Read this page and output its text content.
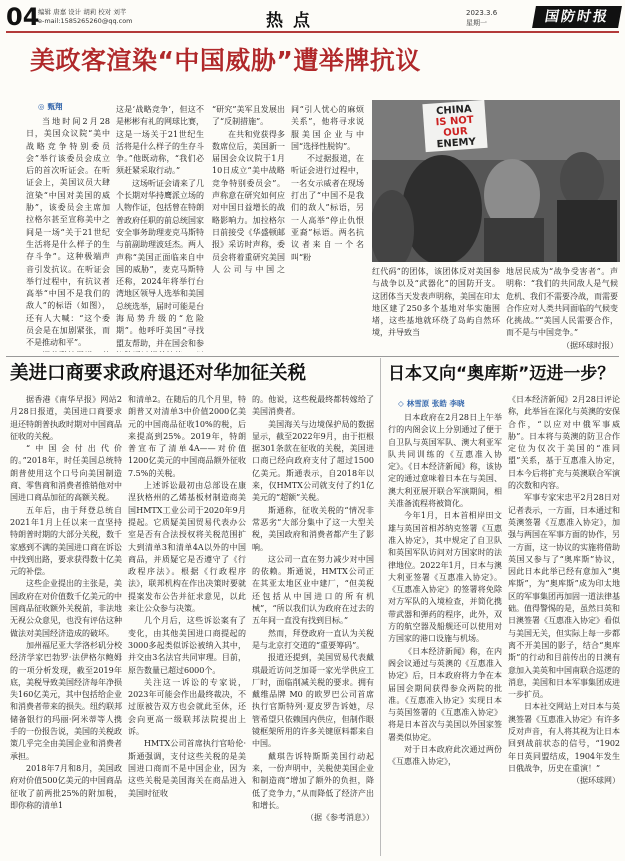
04
编辑 唐嘉 设计 胡莉 校对 刘芊
e-mail:1585265260@qq.com	热点	2023.3.6
星期一	国防时报
美政客渲染“中国威胁”遭举牌抗议
◎ 甄翔

当地时间2月28日，美国众议院“美中战略竞争特别委员会”举行该委员会成立后的首次听证会。在听证会上，美国议员大肆渲染“中国对美国的威胁”，该委员会主席加拉格尔甚至宣称美中之间是一场“关于21世纪生活将是什么样子的生存斗争”。这种极端声音引发抗议。在听证会举行过程中，有抗议者高举“中国不是我们的敌人”的标语（如图），还有人大喊：“这个委员会是在加剧紧张，而不是推动和平”。

这是‘战略竞争’，但这不是彬彬有礼的网球比赛，这是一场关于21世纪生活将是什么样子的生存斗争。”他既动称，“我们必须赶紧采取行动。”

这场听证会请来了几个长期对华持鹰派立场的人物作证，包括曾在特朗普政府任职的前总统国家安全事务助理麦克马斯特与前副助理波廷杰。两人声称“美国正面临来自中国的威胁”，麦克马斯特还称，2024年将举行台湾地区领导人选举和美国总统选举，届时可能是台海局势升级的“危险期”。他呼吁美国“寻找盟友帮助，并在国会和参

“研究”美军且发展出了“反制措施”。

在共和党获得多数席位后，美国新一届国会众议院于1月10日成立“美中战略竞争特别委员会”。声称意在研究如何应对中国日益增长的战略影响力。加拉格尔日前接受《华盛顿邮报》采访时声称，委员会将着重研究美国人公司与中国之间“引人忧心的麻烦关系”，他将寻求说服美国企业与中国“选择性脱钩”。

不过据报道，在听证会进行过程中，一名女示威者在现场打出了“中国不是我们的敌人”标语，另一人高举“停止仇恨亚裔”标语。两名抗议者来自一个名叫“粉

CHINA
IS NOT OUR
ENEMY

红代码”的团体，该团体反对美国参与战争以及“武器化”的国防开支。这团体当天发表声明称，美国在印太地区建了250多个基地对华实施围堵，这些基地就环绕了岛屿自然环境，并导致当

地居民成为“战争受害者”。声明称：“我们的共同敌人是气候危机、我们不需要冷战，而需要合作应对人类共同面临的气候变化挑战。”“美国人民需要合作，而不是与中国竞争。”

（据环球时报）
美进口商要求政府退还对华加征关税

据香港《南华早报》网站2月28日报道，美国进口商要求退还特朗普执政时期对中国商品征收的关税。

“中国会付出代价的。”2018年，时任美国总统特朗普使用这个口号向美国制造商、零售商和消费者推销他对中国进口商品加征的高额关税。

五年后，由于拜登总统自2021年1月上任以来一直坚持特朗普时期的大部分关税，数千家感到不满的美国进口商在诉讼中找到出路，要求获得数十亿美元的补偿。

这些企业提出的主张是，美国政府在对价值数千亿美元的中国商品征收额外关税前，非法地无视公众意见，也没有评估这种做法对美国经济造成的破坏。

加州福尼亚大学洛杉矶分校经济学家巴勃罗·法伊格尔鲍姆的一项分析发现，截至2019年底，美税导致美国经济每年净损失160亿美元，其中包括给企业和消费者带来的损失。纽约联邦储备银行的玛丽·阿米蒂等人携手的一份报告说，美国的关税政策几乎完全由美国企业和消费者承担。

2018年7月和8月，美国政府对价值500亿美元的中国商品征收了前两批25%的附加税，即你称的清单1

和清单2。在随后的几个月里，特朗普又对清单3中价值2000亿美元的中国商品征收10%的税，后来提高到25%。2019年，特朗普宣布了清单4A——对价值1200亿美元的中国商品额外征收7.5%的关税。

上述诉讼最初由总部设在康涅狄格州的乙烯基板材制造商美国HMTX工业公司于2020年9月提起。它质疑美国贸易代表办公室是否有合法授权将关税范围扩大到清单3和清单4A以外的中国商品，并质疑它是否遵守了《行政程序法》。根据《行政程序法》，联邦机构在作出决策时要就提案发布公告并征求意见，以此来让公众参与决策。

几个月后，这些诉讼案有了变化，由其他美国进口商提起的3000多起类似诉讼被纳入其中，并交由3名法官共同审理。目前，原告数量已超过6000个。

关注这一诉讼的专家说，2023年可能会作出最终裁决，不过原被告双方也会就此至休，还会向更高一级联邦法院提出上诉。

HMTX公司首席执行官哈伦·斯通强调，支付这些关税的是美国进口商而不是中国企业，因为这些关税是美国海关在商品进入美国时征收

的。他说，这些税最终都转嫁给了美国消费者。

美国海关与边境保护局的数据显示，截至2022年9月，由于拒根据301条款在征收的关税，美国进口商已经向政府支付了超过1500亿美元。斯通表示，自2018年以来，仅HMTX公司就支付了约1亿美元的“超额”关税。

斯通称，征收关税的“情况非常恶劣”大部分集中了这一大型关税，美国政府和消费者都产生了影响。

这公司一直在努力减少对中国的依赖。斯通说，HMTX公司正在其亚太地区业中建厂，“但美税还包括从中国进口的所有机械”，“所以我们认为政府在过去的五年间一直没有找到目标。”

然而，拜登政府一直认为关税是与北京打交道的“重要筹码”。

报道还提到，美国贸易代表戴琪最近访问芝加哥一家光学供应工厂时，面临削减关税的要求。拥有戴维品牌 M0 的欧罗巴公司首席执行官斯特列·夏皮罗告诉她，尽管希望只依赖国内供应，但制作眼镜框架所用的许多关键原料都来自中国。

戴琪告诉特斯斯美国行动起来，一份声明中，关税使美国企业和制造商“增加了额外的负担，降低了竞争力，”从而降低了经济产出和增长。

（据《参考消息》）
日本又向“奥库斯”迈进一步？
◇ 林雪原 张皓 李晓

日本政府在2月28日上午举行的内阁会议上分别通过了便于自卫队与英国军队、澳大利亚军队共同训练的《互惠准入协定》。《日本经济新闻》称，该协定的通过意味着日本在与美国、澳大利亚展开联合军演期间，相关准备流程将被简化。

今年1月，日本首相岸田文雄与英国首相苏纳克签署《互惠准入协定》，其中规定了自卫队和英国军队访问对方国家时的法律地位。2022年1月，日本与澳大利亚签署《互惠准入协定》。《互惠准入协定》的签署将免除对方军队的入境检查，并简化携带武器和弹药的程序，此外，双方的航空器及船舰还可以使用对方国家的港口设施与机场。

《日本经济新闻》称，在内阁会议通过与英澳的《互惠准入协定》后，日本政府将力争在本届国会期间获得参众两院的批准。《互惠准入协定》实现日本与英国签署的《互惠准入协定》将是日本首次与美国以外国家签署类似协定。

对于日本政府此次通过两份《互惠准入协定》，

《日本经济新闻》2月28日评论称，此举旨在深化与英澳的安保合作，“以应对中俄军事威胁”。日本将与英澳的防卫合作定位为仅次于美国的“准同盟”关系，基于互惠准入协定，日本今后将扩充与英澳联合军演的次数和内容。

军事专家宋忠平2月28日对记者表示，一方面，日本通过和英澳签署《互惠准入协定》，加强与两国在军事方面的协作，另一方面，这一协议的实施将借助英国又参与了“奥库斯”协议，因此日本此举已经有意加入“奥库斯”，为“奥库斯”成为印太地区的军事集团再加固一道法律基础。值得警惕的是，虽然日英和日澳签署《互惠准入协定》看似与美国无关，但实际上每一步都离不开美国的影子，结合“奥库斯”的行动和目前传出的日澳有意加入美英和中国南联合巡逻的消息，美国和日本军事集团成进一步扩员。

日本社交网站上对日本与英澳签署《互惠准入协定》有许多反对声音，有人将其视为让日本回到战前状态的信号，“1902年日英同盟结成，1904年发生日俄战争，历史在重演！”

（据环球网）
